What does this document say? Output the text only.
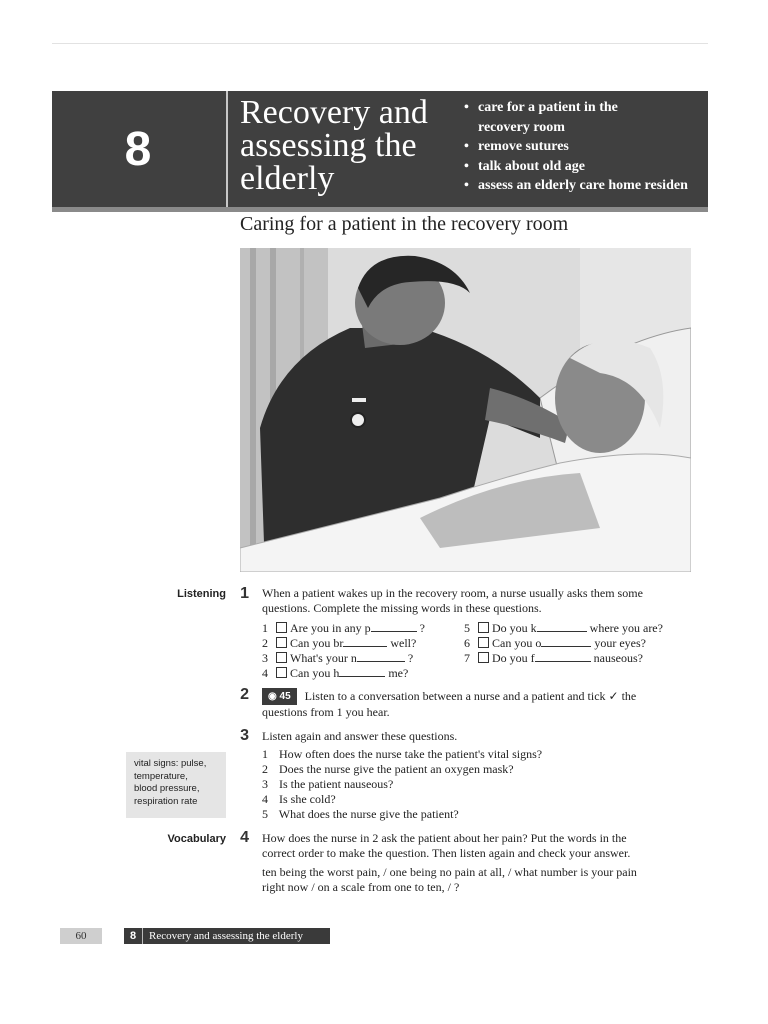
8
Recovery and
assessing the
elderly
• care for a patient in the
recovery room
• remove sutures
• talk about old age
• assess an elderly care home residen
Caring for a patient in the recovery room
Listening 1 When a patient wakes up in the recovery room, a nurse usually asks them some
questions. Complete the missing words in these questions.
1 Are you in any p	?
2 Can you br	well?
3 What's your n	?
4 Can you h	me?
5 Do you k	where you are?
6 Can you o	your eyes?
7 Do you f	nauseous?
2	◉ 45 Listen to a conversation between a nurse and a patient and tick ✓ the
questions from 1 you hear.
3 Listen again and answer these questions.
1 How often does the nurse take the patient's vital signs?
2 Does the nurse give the patient an oxygen mask?
3 Is the patient nauseous?
4 Is she cold?
5 What does the nurse give the patient?
vital signs: pulse,
temperature,
blood pressure,
respiration rate
Vocabulary 4 How does the nurse in 2 ask the patient about her pain? Put the words in the
correct order to make the question. Then listen again and check your answer.
ten being the worst pain, / one being no pain at all, / what number is your pain
right now / on a scale from one to ten, / ?
60	8 Recovery and assessing the elderly
